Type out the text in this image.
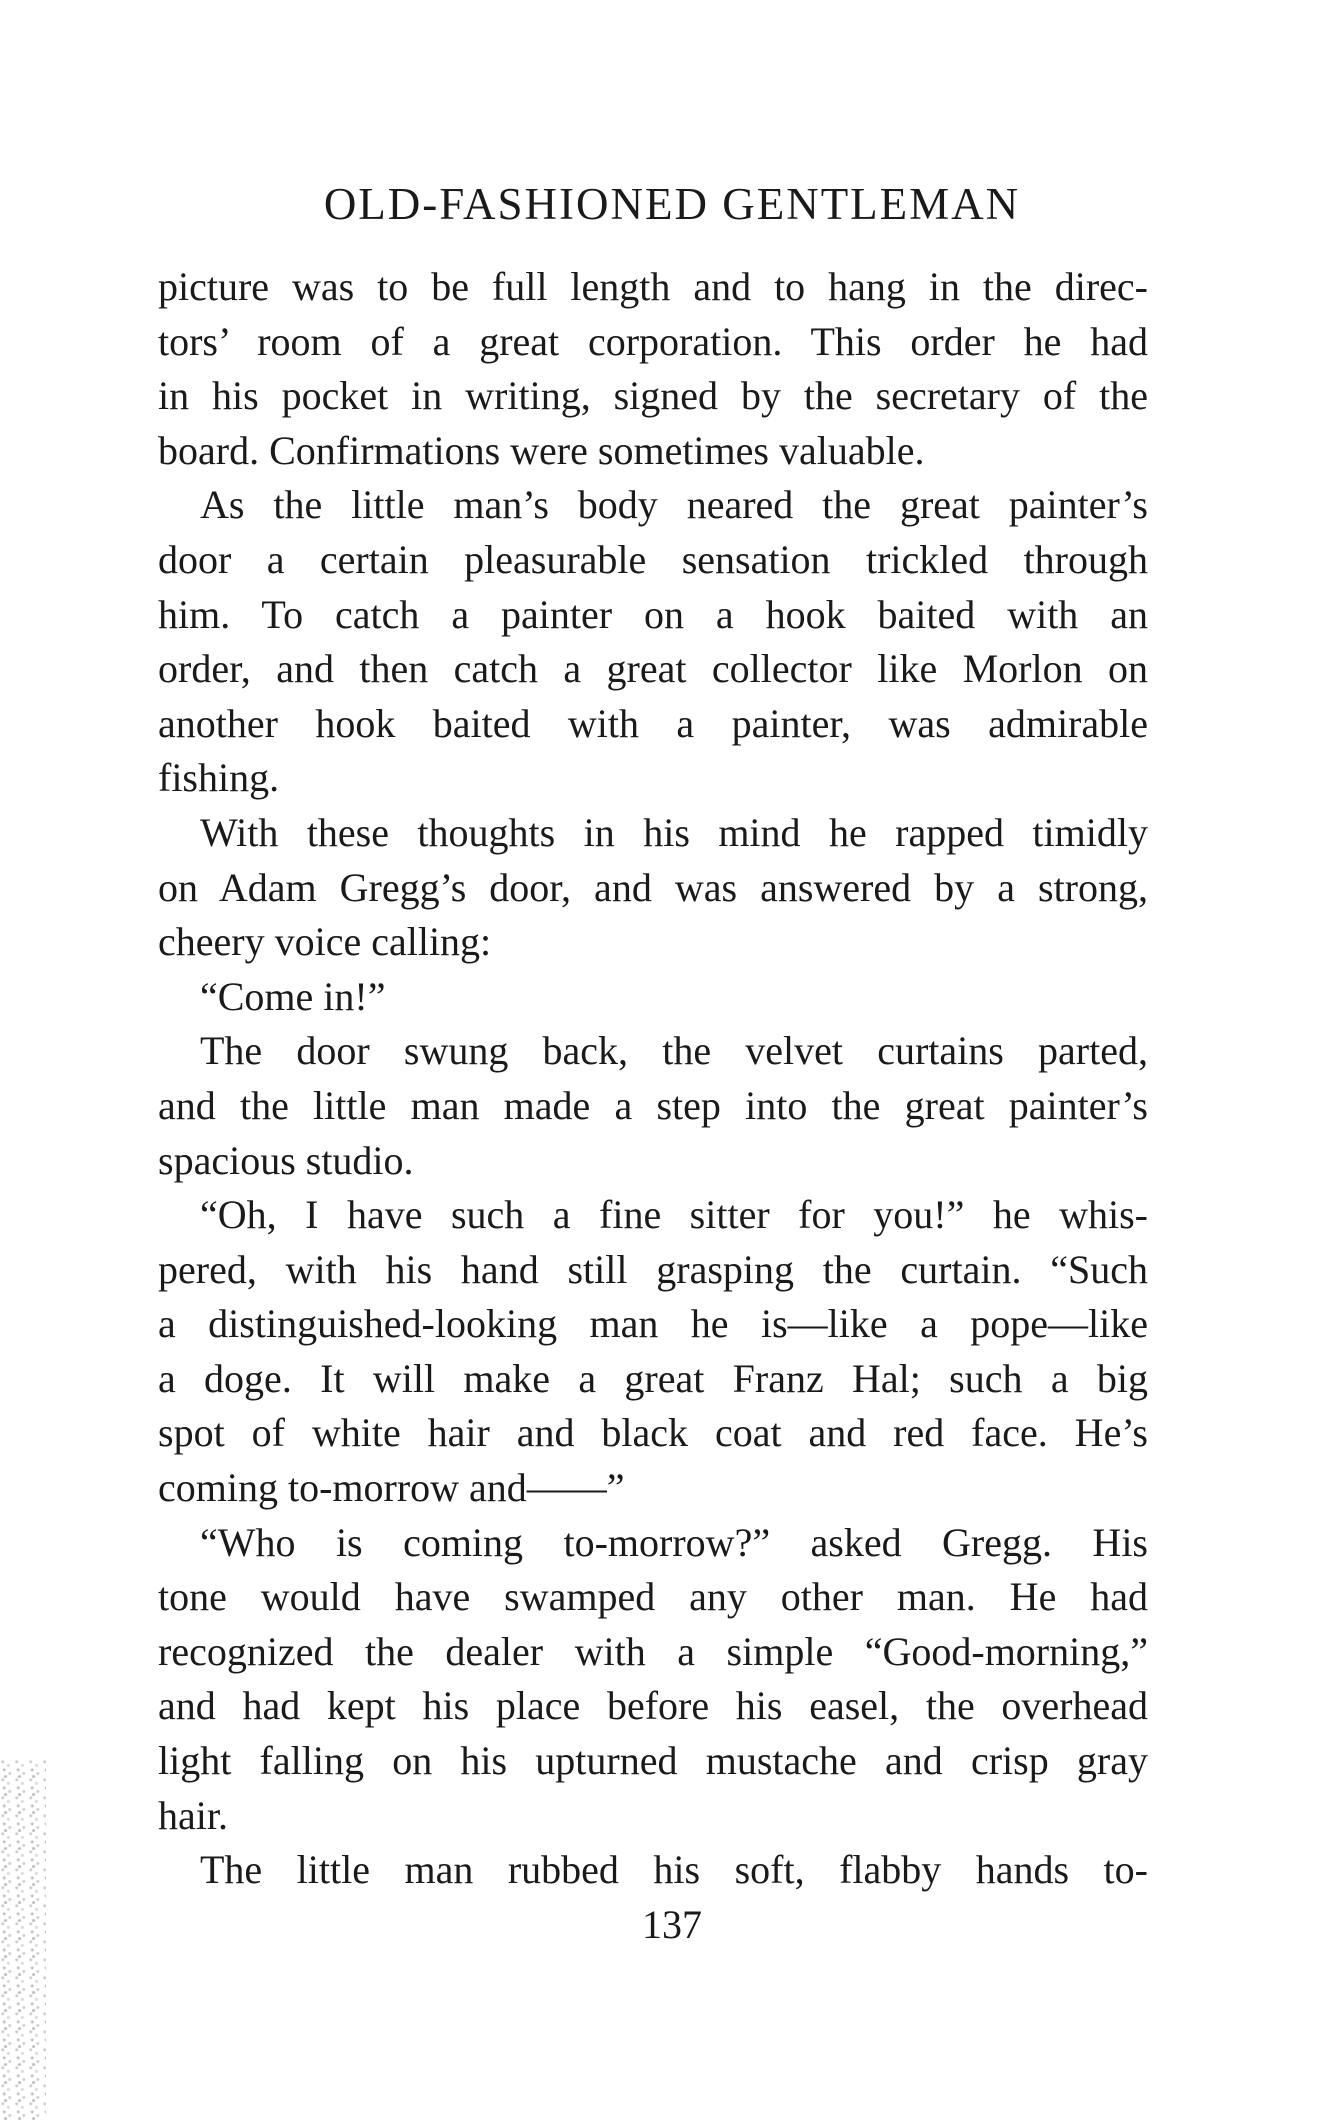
OLD-FASHIONED GENTLEMAN

picture was to be full length and to hang in the direc-
tors’ room of a great corporation. This order he had
in his pocket in writing, signed by the secretary of the
board. Confirmations were sometimes valuable.

As the little man’s body neared the great painter’s
door a certain pleasurable sensation trickled through
him. To catch a painter on a hook baited with an
order, and then catch a great collector like Morlon on
another hook baited with a painter, was admirable
fishing.

With these thoughts in his mind he rapped timidly
on Adam Gregg’s door, and was answered by a strong,
cheery voice calling:

“Come in!”

The door swung back, the velvet curtains parted,
and the little man made a step into the great painter’s
spacious studio.

“Oh, I have such a fine sitter for you!” he whis-
pered, with his hand still grasping the curtain. “Such
a distinguished-looking man he is—like a pope—like
a doge. It will make a great Franz Hal; such a big
spot of white hair and black coat and red face. He’s
coming to-morrow and——”

“Who is coming to-morrow?” asked Gregg. His
tone would have swamped any other man. He had
recognized the dealer with a simple “Good-morning,”
and had kept his place before his easel, the overhead
light falling on his upturned mustache and crisp gray
hair.

The little man rubbed his soft, flabby hands to-

137
